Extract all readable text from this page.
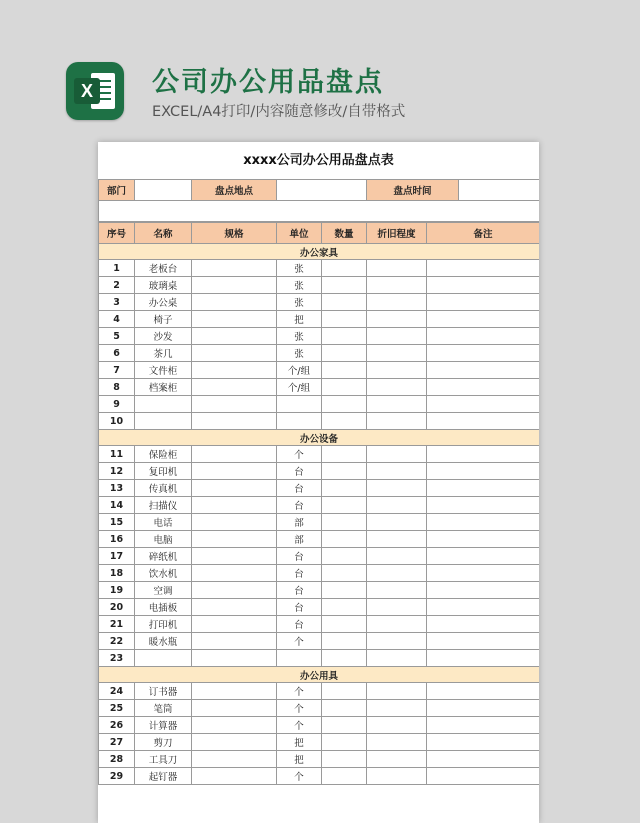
X 公司办公用品盘点
EXCEL/A4打印/内容随意修改/自带格式
xxxx公司办公用品盘点表
部门		盘点地点		盘点时间	

序号	名称	规格	单位	数量	折旧程度	备注
办公家具						
1	老板台		张			
2	玻璃桌		张			
3	办公桌		张			
4	椅子		把			
5	沙发		张			
6	茶几		张			
7	文件柜		个/组			
8	档案柜		个/组			
9						
10						
办公设备						
11	保险柜		个			
12	复印机		台			
13	传真机		台			
14	扫描仪		台			
15	电话		部			
16	电脑		部			
17	碎纸机		台			
18	饮水机		台			
19	空调		台			
20	电插板		台			
21	打印机		台			
22	暖水瓶		个			
23						
办公用具						
24	订书器		个			
25	笔筒		个			
26	计算器		个			
27	剪刀		把			
28	工具刀		把			
29	起钉器		个			
